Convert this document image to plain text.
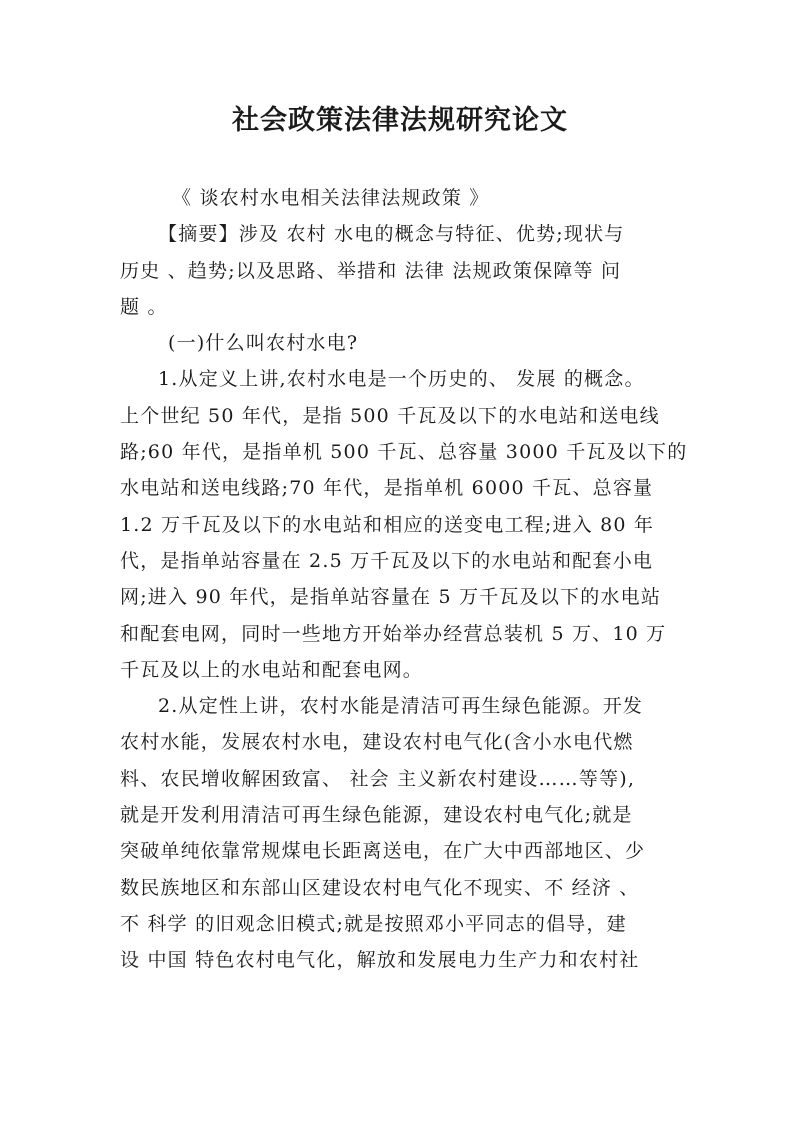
社会政策法律法规研究论文

《 谈农村水电相关法律法规政策 》

【摘要】涉及 农村 水电的概念与特征、优势;现状与

历史 、趋势;以及思路、举措和 法律 法规政策保障等 问

题 。

(一)什么叫农村水电?

1.从定义上讲,农村水电是一个历史的、 发展 的概念。

上个世纪 50 年代，是指 500 千瓦及以下的水电站和送电线

路;60 年代，是指单机 500 千瓦、总容量 3000 千瓦及以下的

水电站和送电线路;70 年代，是指单机 6000 千瓦、总容量

1.2 万千瓦及以下的水电站和相应的送变电工程;进入 80 年

代，是指单站容量在 2.5 万千瓦及以下的水电站和配套小电

网;进入 90 年代，是指单站容量在 5 万千瓦及以下的水电站

和配套电网，同时一些地方开始举办经营总装机 5 万、10 万

千瓦及以上的水电站和配套电网。

2.从定性上讲，农村水能是清洁可再生绿色能源。开发

农村水能，发展农村水电，建设农村电气化(含小水电代燃

料、农民增收解困致富、 社会 主义新农村建设……等等),

就是开发利用清洁可再生绿色能源，建设农村电气化;就是

突破单纯依靠常规煤电长距离送电，在广大中西部地区、少

数民族地区和东部山区建设农村电气化不现实、不 经济 、

不 科学 的旧观念旧模式;就是按照邓小平同志的倡导，建

设 中国 特色农村电气化，解放和发展电力生产力和农村社
